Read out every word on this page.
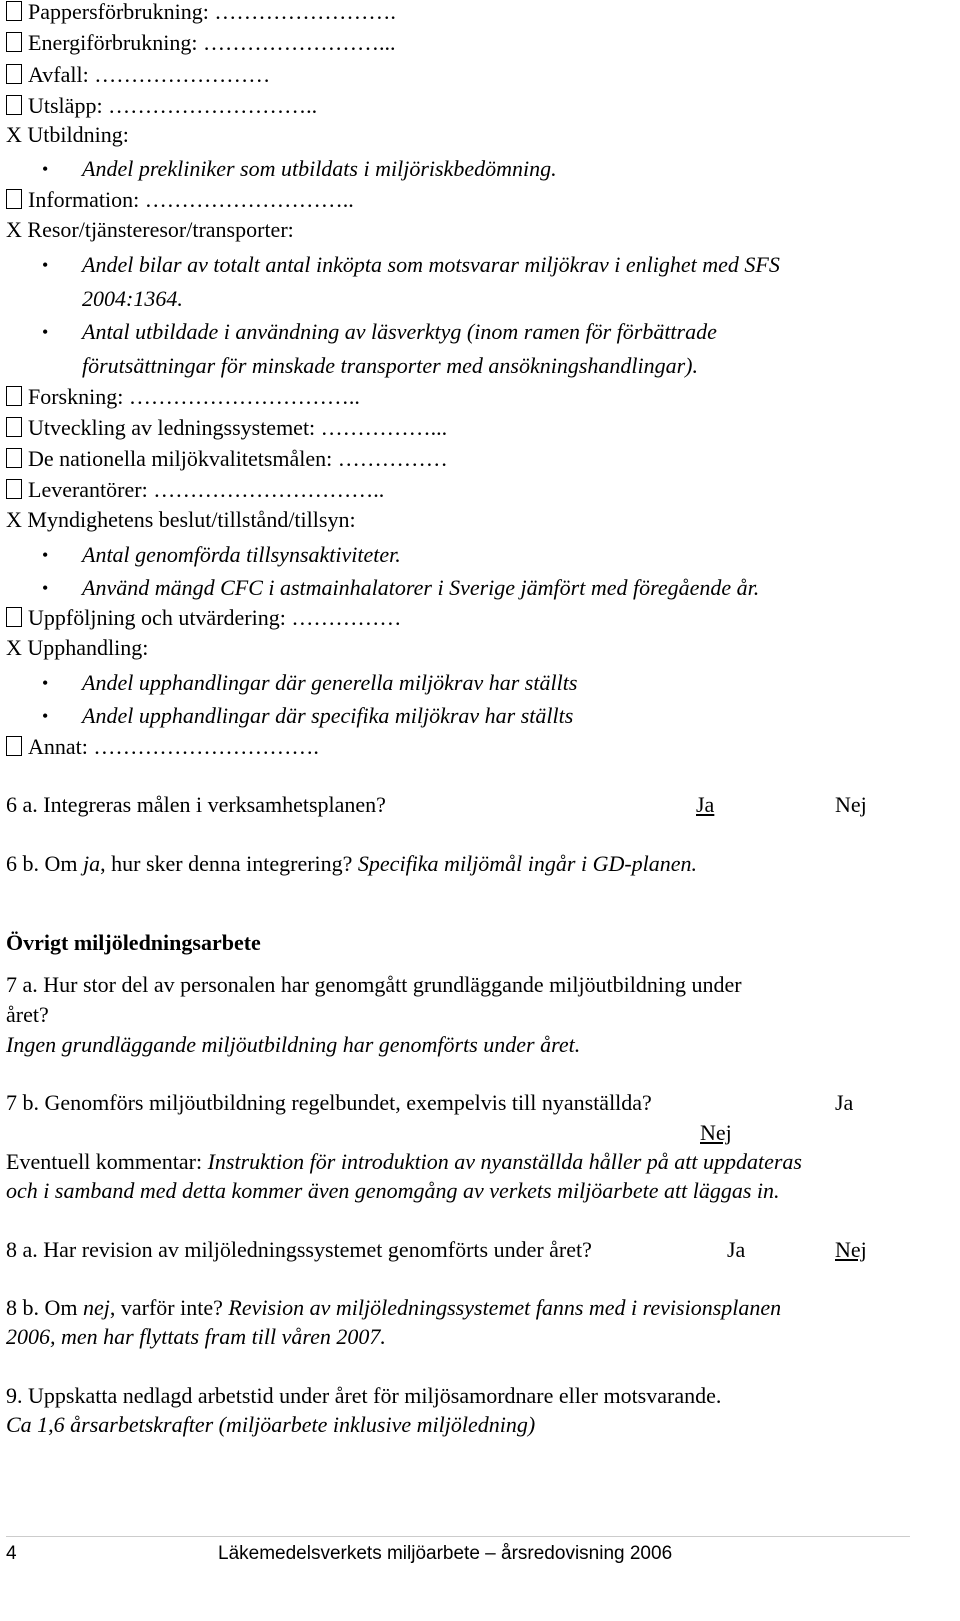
Pappersförbrukning: …………………….
Energiförbrukning: ……………………...
Avfall: ……………………
Utsläpp: ………………………..
X Utbildning:
• Andel prekliniker som utbildats i miljöriskbedömning.
Information: ………………………..
X Resor/tjänsteresor/transporter:
• Andel bilar av totalt antal inköpta som motsvarar miljökrav i enlighet med SFS
2004:1364.
• Antal utbildade i användning av läsverktyg (inom ramen för förbättrade
förutsättningar för minskade transporter med ansökningshandlingar).
Forskning: …………………………..
Utveckling av ledningssystemet: ……………...
De nationella miljökvalitetsmålen: ……………
Leverantörer: …………………………..
X Myndighetens beslut/tillstånd/tillsyn:
• Antal genomförda tillsynsaktiviteter.
• Använd mängd CFC i astmainhalatorer i Sverige jämfört med föregående år.
Uppföljning och utvärdering: ……………
X Upphandling:
• Andel upphandlingar där generella miljökrav har ställts
• Andel upphandlingar där specifika miljökrav har ställts
Annat: ………………………….
6 a. Integreras målen i verksamhetsplanen?	Ja	Nej
6 b. Om ja, hur sker denna integrering? Specifika miljömål ingår i GD-planen.
Övrigt miljöledningsarbete
7 a. Hur stor del av personalen har genomgått grundläggande miljöutbildning under
året?
Ingen grundläggande miljöutbildning har genomförts under året.
7 b. Genomförs miljöutbildning regelbundet, exempelvis till nyanställda?	Ja
Nej
Eventuell kommentar: Instruktion för introduktion av nyanställda håller på att uppdateras
och i samband med detta kommer även genomgång av verkets miljöarbete att läggas in.
8 a. Har revision av miljöledningssystemet genomförts under året?	Ja	Nej
8 b. Om nej, varför inte? Revision av miljöledningssystemet fanns med i revisionsplanen
2006, men har flyttats fram till våren 2007.
9. Uppskatta nedlagd arbetstid under året för miljösamordnare eller motsvarande.
Ca 1,6 årsarbetskrafter (miljöarbete inklusive miljöledning)
4	Läkemedelsverkets miljöarbete – årsredovisning 2006
